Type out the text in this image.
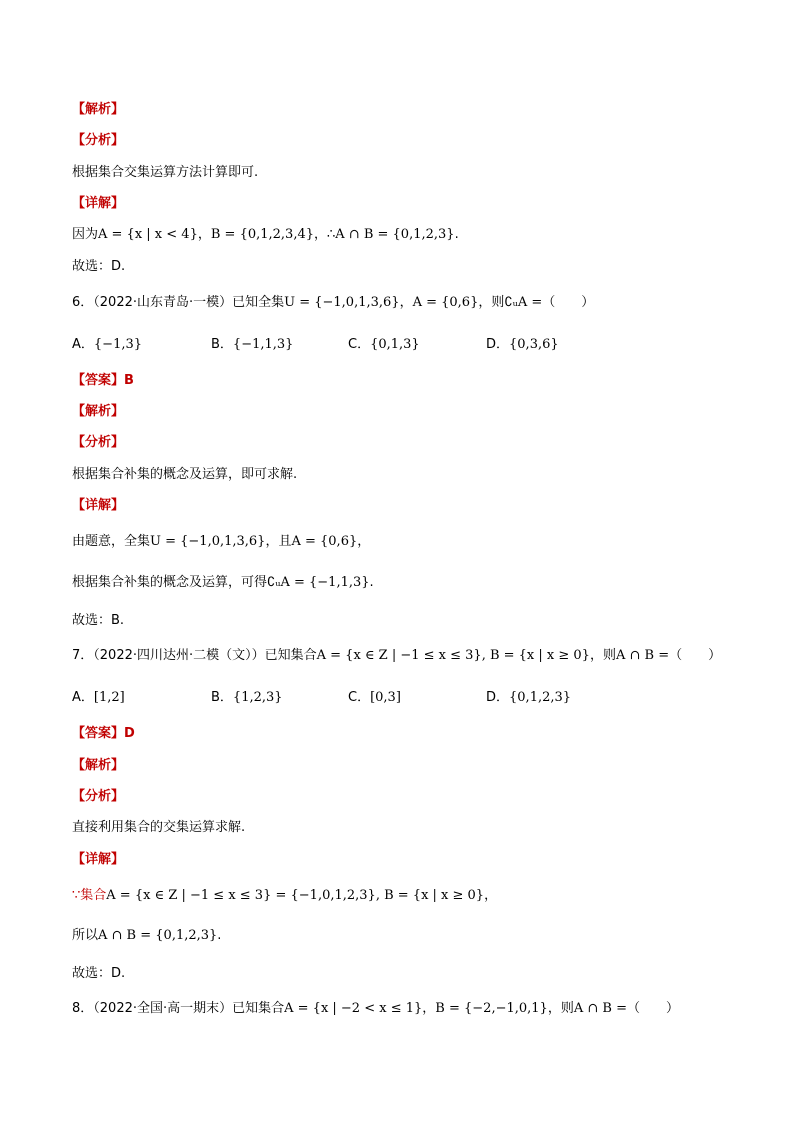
【解析】
【分析】
根据集合交集运算方法计算即可.
【详解】
因为A = {x | x < 4}，B = {0,1,2,3,4}，∴A ∩ B = {0,1,2,3}.
故选：D.
6．（2022·山东青岛·一模）已知全集U = {−1,0,1,3,6}，A = {0,6}，则∁ᵤA =（　　）
A．{−1,3}	B．{−1,1,3}	C．{0,1,3}	D．{0,3,6}
【答案】B
【解析】
【分析】
根据集合补集的概念及运算，即可求解.
【详解】
由题意，全集U = {−1,0,1,3,6}，且A = {0,6}，
根据集合补集的概念及运算，可得∁ᵤA = {−1,1,3}.
故选：B.
7．（2022·四川达州·二模（文））已知集合A = {x ∈ Z | −1 ≤ x ≤ 3}, B = {x | x ≥ 0}，则A ∩ B =（　　）
A．[1,2]	B．{1,2,3}	C．[0,3]	D．{0,1,2,3}
【答案】D
【解析】
【分析】
直接利用集合的交集运算求解.
【详解】
∵集合A = {x ∈ Z | −1 ≤ x ≤ 3} = {−1,0,1,2,3}, B = {x | x ≥ 0}，
所以A ∩ B = {0,1,2,3}.
故选：D.
8．（2022·全国·高一期末）已知集合A = {x | −2 < x ≤ 1}，B = {−2,−1,0,1}，则A ∩ B =（　　）
